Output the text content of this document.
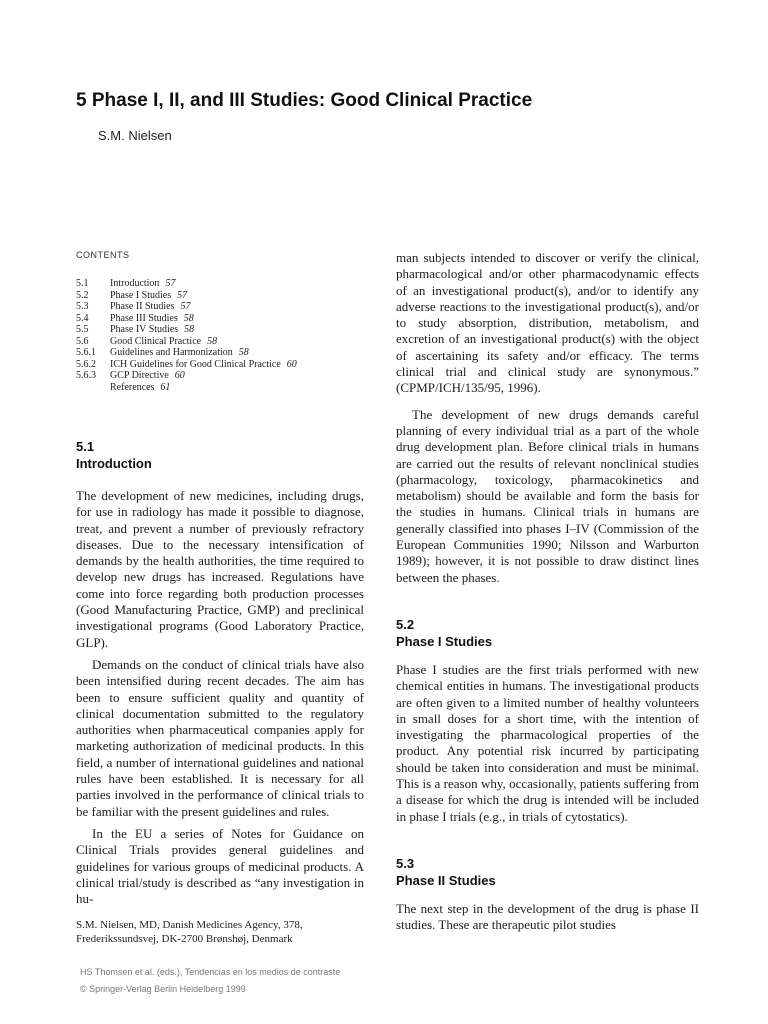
5 Phase I, II, and III Studies: Good Clinical Practice
S.M. Nielsen
CONTENTS
5.1	Introduction 57
5.2	Phase I Studies 57
5.3	Phase II Studies 57
5.4	Phase III Studies 58
5.5	Phase IV Studies 58
5.6	Good Clinical Practice 58
5.6.1	Guidelines and Harmonization 58
5.6.2	ICH Guidelines for Good Clinical Practice 60
5.6.3	GCP Directive 60
References 61
5.1
Introduction

The development of new medicines, including drugs, for use in radiology has made it possible to diagnose, treat, and prevent a number of previously refractory diseases. Due to the necessary intensification of demands by the health authorities, the time required to develop new drugs has increased. Regulations have come into force regarding both production processes (Good Manufacturing Practice, GMP) and preclinical investigational programs (Good Laboratory Practice, GLP).

Demands on the conduct of clinical trials have also been intensified during recent decades. The aim has been to ensure sufficient quality and quantity of clinical documentation submitted to the regulatory authorities when pharmaceutical companies apply for marketing authorization of medicinal products. In this field, a number of international guidelines and national rules have been established. It is necessary for all parties involved in the performance of clinical trials to be familiar with the present guidelines and rules.

In the EU a series of Notes for Guidance on Clinical Trials provides general guidelines and guidelines for various groups of medicinal products. A clinical trial/study is described as “any investigation in hu-

man subjects intended to discover or verify the clinical, pharmacological and/or other pharmacodynamic effects of an investigational product(s), and/or to identify any adverse reactions to the investigational product(s), and/or to study absorption, distribution, metabolism, and excretion of an investigational product(s) with the object of ascertaining its safety and/or efficacy. The terms clinical trial and clinical study are synonymous.” (CPMP/ICH/135/95, 1996).

The development of new drugs demands careful planning of every individual trial as a part of the whole drug development plan. Before clinical trials in humans are carried out the results of relevant nonclinical studies (pharmacology, toxicology, pharmacokinetics and metabolism) should be available and form the basis for the studies in humans. Clinical trials in humans are generally classified into phases I–IV (Commission of the European Communities 1990; Nilsson and Warburton 1989); however, it is not possible to draw distinct lines between the phases.

5.2
Phase I Studies

Phase I studies are the first trials performed with new chemical entities in humans. The investigational products are often given to a limited number of healthy volunteers in small doses for a short time, with the intention of investigating the pharmacological properties of the product. Any potential risk incurred by participating should be taken into consideration and must be minimal. This is a reason why, occasionally, patients suffering from a disease for which the drug is intended will be included in phase I trials (e.g., in trials of cytostatics).

5.3
Phase II Studies

The next step in the development of the drug is phase II studies. These are therapeutic pilot studies

S.M. Nielsen, MD, Danish Medicines Agency, 378, Frederikssundsvej, DK-2700 Brønshøj, Denmark
HS Thomsen et al. (eds.), Tendencias en los medios de contraste
© Springer-Verlag Berlin Heidelberg 1999
